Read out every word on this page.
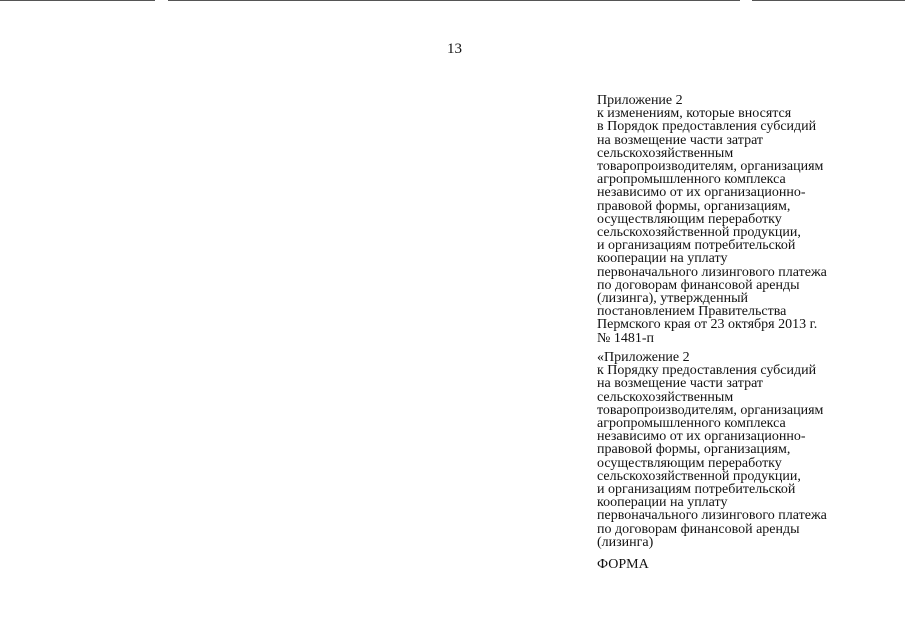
13
Приложение 2
к изменениям, которые вносятся
в Порядок предоставления субсидий
на возмещение части затрат
сельскохозяйственным
товаропроизводителям, организациям
агропромышленного комплекса
независимо от их организационно-
правовой формы, организациям,
осуществляющим переработку
сельскохозяйственной продукции,
и организациям потребительской
кооперации на уплату
первоначального лизингового платежа
по договорам финансовой аренды
(лизинга), утвержденный
постановлением Правительства
Пермского края от 23 октября 2013 г.
№ 1481-п
«Приложение 2
к Порядку предоставления субсидий
на возмещение части затрат
сельскохозяйственным
товаропроизводителям, организациям
агропромышленного комплекса
независимо от их организационно-
правовой формы, организациям,
осуществляющим переработку
сельскохозяйственной продукции,
и организациям потребительской
кооперации на уплату
первоначального лизингового платежа
по договорам финансовой аренды
(лизинга)
ФОРМА
